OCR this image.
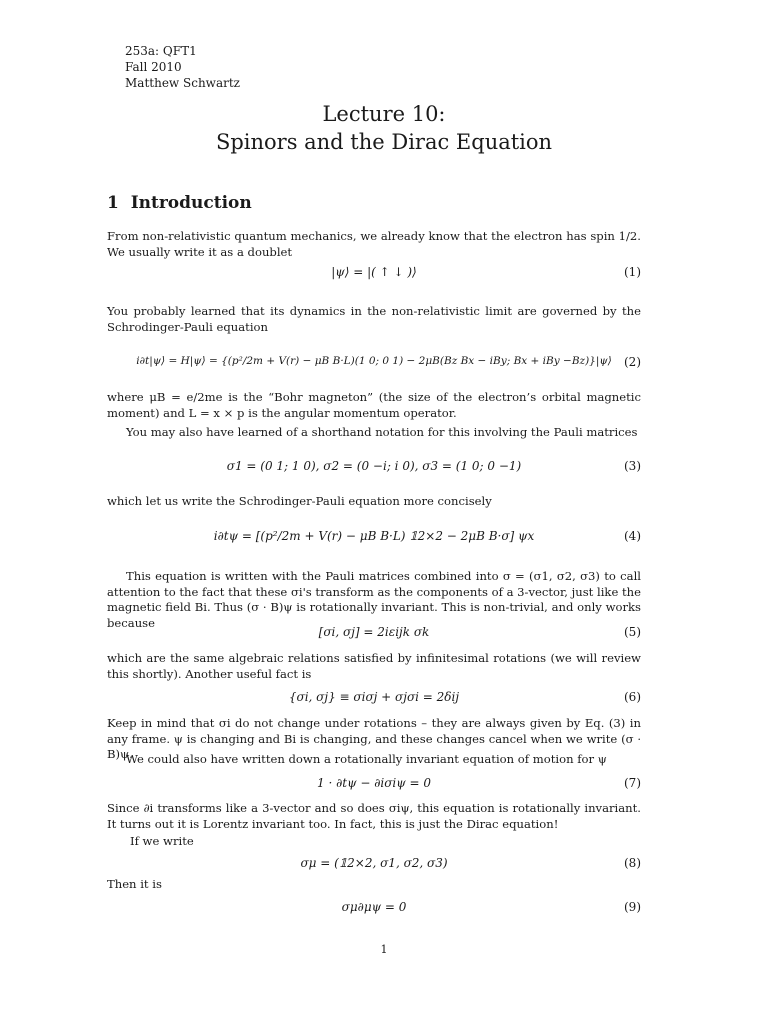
253a: QFT1
Fall 2010
Matthew Schwartz
Lecture 10:
Spinors and the Dirac Equation
1 Introduction
From non-relativistic quantum mechanics, we already know that the electron has spin 1/2. We usually write it as a doublet
|ψ⟩ = |( ↑ ↓ )⟩	(1)
You probably learned that its dynamics in the non-relativistic limit are governed by the Schrodinger-Pauli equation
i∂t|ψ⟩ = H|ψ⟩ = {(p²/2m + V(r) − μB B·L)(1 0; 0 1) − 2μB(Bz Bx − iBy; Bx + iBy −Bz)}|ψ⟩	(2)
where μB = e/2me is the “Bohr magneton” (the size of the electron’s orbital magnetic moment) and L = x × p is the angular momentum operator.
You may also have learned of a shorthand notation for this involving the Pauli matrices
σ1 = (0 1; 1 0), σ2 = (0 −i; i 0), σ3 = (1 0; 0 −1)	(3)
which let us write the Schrodinger-Pauli equation more concisely
i∂tψ = [(p²/2m + V(r) − μB B·L) 𝟙2×2 − 2μB B·σ] ψx	(4)
This equation is written with the Pauli matrices combined into σ = (σ1, σ2, σ3) to call attention to the fact that these σi's transform as the components of a 3-vector, just like the magnetic field Bi. Thus (σ · B)ψ is rotationally invariant. This is non-trivial, and only works because
[σi, σj] = 2iεijk σk	(5)
which are the same algebraic relations satisfied by infinitesimal rotations (we will review this shortly). Another useful fact is
{σi, σj} ≡ σiσj + σjσi = 2δij	(6)
Keep in mind that σi do not change under rotations – they are always given by Eq. (3) in any frame. ψ is changing and Bi is changing, and these changes cancel when we write (σ · B)ψ.
We could also have written down a rotationally invariant equation of motion for ψ
1 · ∂tψ − ∂iσiψ = 0	(7)
Since ∂i transforms like a 3-vector and so does σiψ, this equation is rotationally invariant. It turns out it is Lorentz invariant too. In fact, this is just the Dirac equation!
If we write
σμ = (𝟙2×2, σ1, σ2, σ3)	(8)
Then it is
σμ∂μψ = 0	(9)
1
